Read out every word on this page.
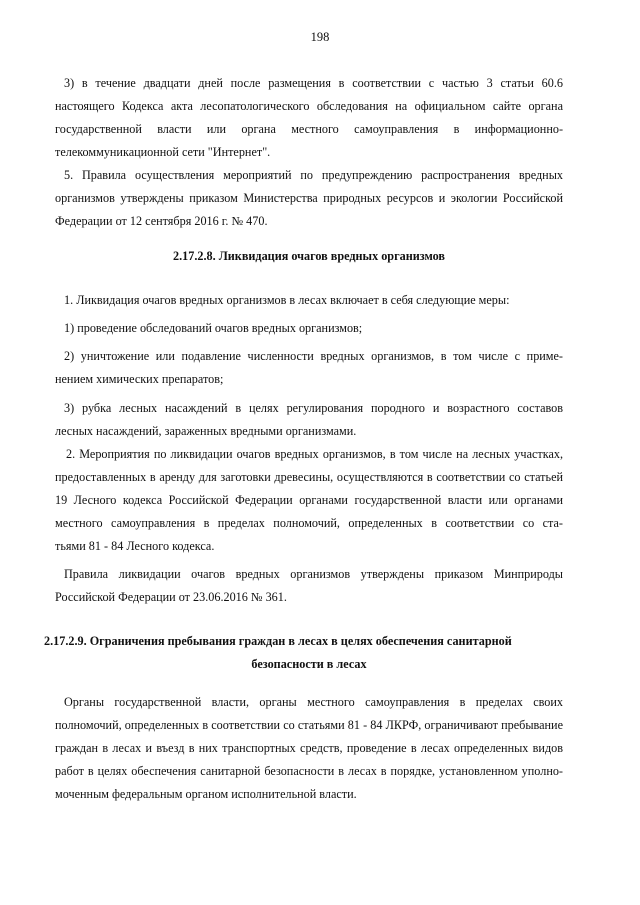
198

3) в течение двадцати дней после размещения в соответствии с частью 3 статьи 60.6 настоящего Кодекса акта лесопатологического обследования на официальном сайте органа государственной власти или органа местного самоуправления в информационно-

телекоммуникационной сети "Интернет".

5. Правила осуществления мероприятий по предупреждению распространения вредных организмов утверждены приказом Министерства природных ресурсов и экологии Российской

Федерации от 12 сентября 2016 г. № 470.

2.17.2.8. Ликвидация очагов вредных организмов

1. Ликвидация очагов вредных организмов в лесах включает в себя следующие меры:

1) проведение обследований очагов вредных организмов;

2) уничтожение или подавление численности вредных организмов, в том числе с приме-

нением химических препаратов;

3) рубка лесных насаждений в целях регулирования породного и возрастного составов

лесных насаждений, зараженных вредными организмами.

2. Мероприятия по ликвидации очагов вредных организмов, в том числе на лесных участках, предоставленных в аренду для заготовки древесины, осуществляются в соответствии со статьей 19 Лесного кодекса Российской Федерации органами государственной власти или органами местного самоуправления в пределах полномочий, определенных в соответствии со ста-

тьями 81 - 84 Лесного кодекса.

Правила ликвидации очагов вредных организмов утверждены приказом Минприроды

Российской Федерации от 23.06.2016 № 361.

2.17.2.9. Ограничения пребывания граждан в лесах в целях обеспечения санитарной

безопасности в лесах

Органы государственной власти, органы местного самоуправления в пределах своих полномочий, определенных в соответствии со статьями 81 - 84 ЛКРФ, ограничивают пребывание граждан в лесах и въезд в них транспортных средств, проведение в лесах определенных видов работ в целях обеспечения санитарной безопасности в лесах в порядке, установленном уполно-

моченным федеральным органом исполнительной власти.
